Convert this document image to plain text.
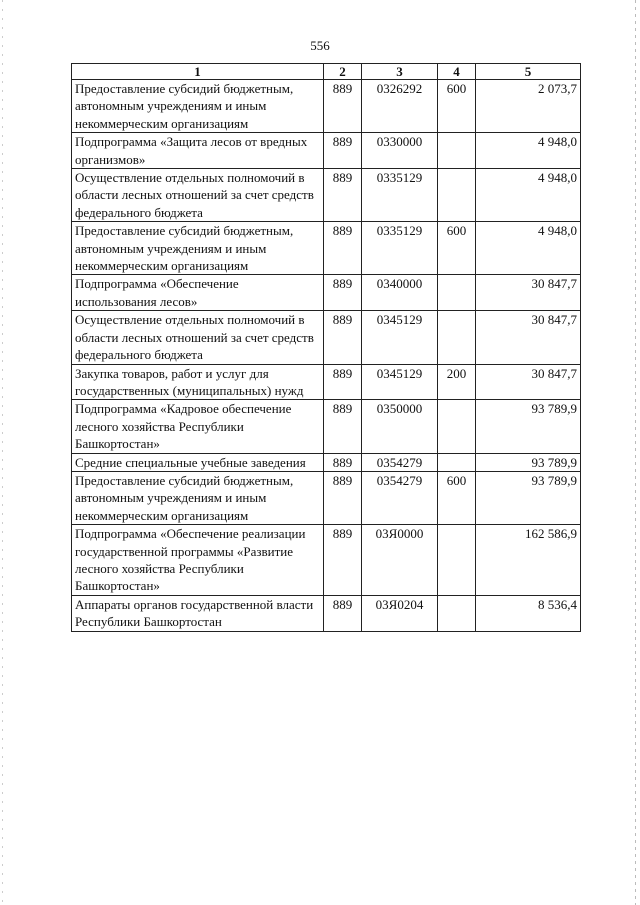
556
1	2	3	4	5
Предоставление субсидий бюджетным, автономным учреждениям и иным некоммерческим организациям	889	0326292	600	2 073,7
Подпрограмма «Защита лесов от вредных организмов»	889	0330000		4 948,0
Осуществление отдельных полномочий в области лесных отношений за счет средств федерального бюджета	889	0335129		4 948,0
Предоставление субсидий бюджетным, автономным учреждениям и иным некоммерческим организациям	889	0335129	600	4 948,0
Подпрограмма «Обеспечение использования лесов»	889	0340000		30 847,7
Осуществление отдельных полномочий в области лесных отношений за счет средств федерального бюджета	889	0345129		30 847,7
Закупка товаров, работ и услуг для государственных (муниципальных) нужд	889	0345129	200	30 847,7
Подпрограмма «Кадровое обеспечение лесного хозяйства Республики Башкортостан»	889	0350000		93 789,9
Средние специальные учебные заведения	889	0354279		93 789,9
Предоставление субсидий бюджетным, автономным учреждениям и иным некоммерческим организациям	889	0354279	600	93 789,9
Подпрограмма «Обеспечение реализации государственной программы «Развитие лесного хозяйства Республики Башкортостан»	889	03Я0000		162 586,9
Аппараты органов государственной власти Республики Башкортостан	889	03Я0204		8 536,4
